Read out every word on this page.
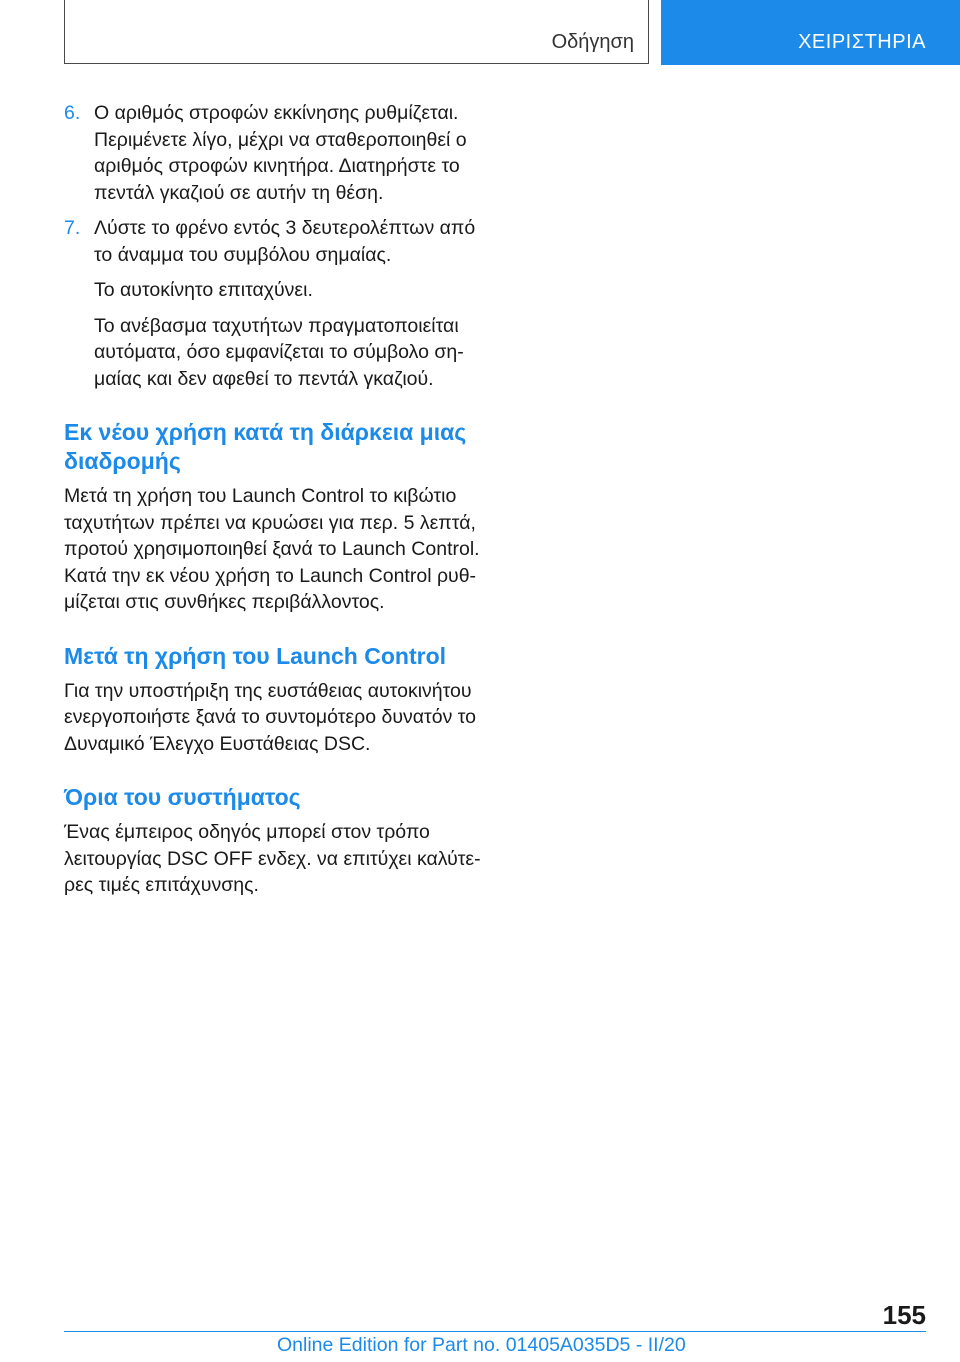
Οδήγηση	ΧΕΙΡΙΣΤΗΡΙΑ
6. Ο αριθμός στροφών εκκίνησης ρυθμίζεται. Περιμένετε λίγο, μέχρι να σταθεροποιηθεί ο αριθμός στροφών κινητήρα. Διατηρήστε το πεντάλ γκαζιού σε αυτήν τη θέση.

7. Λύστε το φρένο εντός 3 δευτερολέπτων από το άναμμα του συμβόλου σημαίας.

Το αυτοκίνητο επιταχύνει.

Το ανέβασμα ταχυτήτων πραγματοποιείται αυτόματα, όσο εμφανίζεται το σύμβολο ση-μαίας και δεν αφεθεί το πεντάλ γκαζιού.

Εκ νέου χρήση κατά τη διάρκεια μιας διαδρομής

Μετά τη χρήση του Launch Control το κιβώτιο ταχυτήτων πρέπει να κρυώσει για περ. 5 λεπτά, προτού χρησιμοποιηθεί ξανά το Launch Control. Κατά την εκ νέου χρήση το Launch Control ρυθ-μίζεται στις συνθήκες περιβάλλοντος.

Μετά τη χρήση του Launch Control

Για την υποστήριξη της ευστάθειας αυτοκινήτου ενεργοποιήστε ξανά το συντομότερο δυνατόν το Δυναμικό Έλεγχο Ευστάθειας DSC.

Όρια του συστήματος

Ένας έμπειρος οδηγός μπορεί στον τρόπο λειτουργίας DSC OFF ενδεχ. να επιτύχει καλύτε-ρες τιμές επιτάχυνσης.

155
Online Edition for Part no. 01405A035D5 - II/20
